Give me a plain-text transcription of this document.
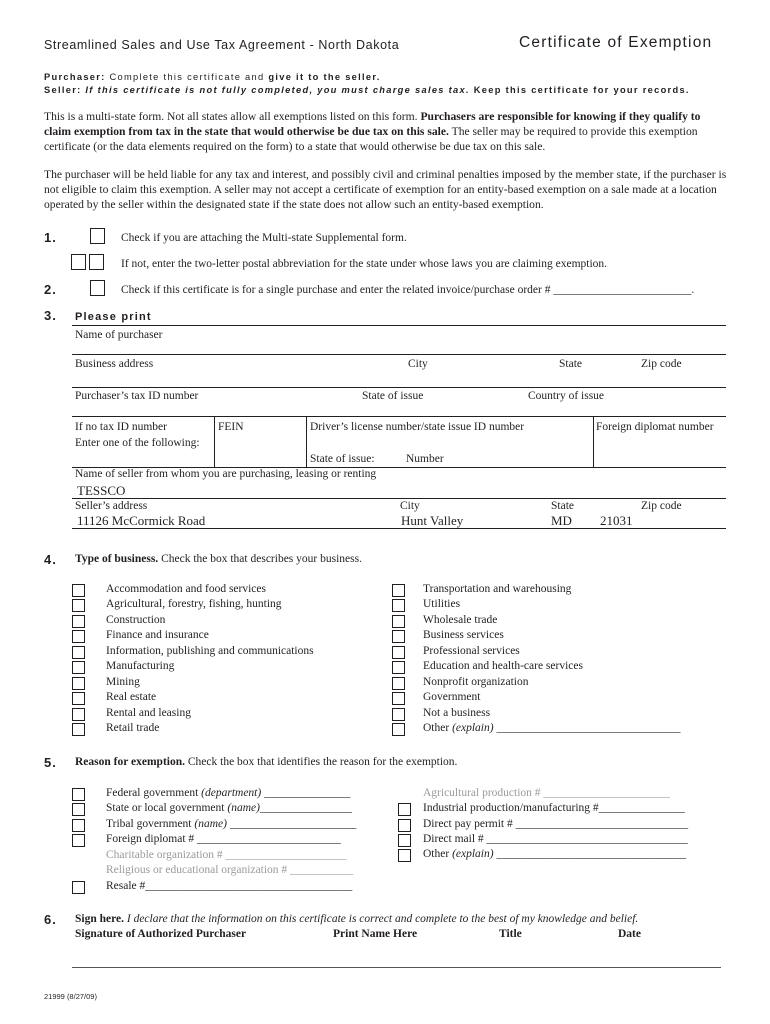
Streamlined Sales and Use Tax Agreement - North Dakota	Certificate of Exemption
Purchaser: Complete this certificate and give it to the seller.
Seller: If this certificate is not fully completed, you must charge sales tax. Keep this certificate for your records.
This is a multi-state form. Not all states allow all exemptions listed on this form. Purchasers are responsible for knowing if they qualify to claim exemption from tax in the state that would otherwise be due tax on this sale. The seller may be required to provide this exemption certificate (or the data elements required on the form) to a state that would otherwise be due tax on this sale.
The purchaser will be held liable for any tax and interest, and possibly civil and criminal penalties imposed by the member state, if the purchaser is not eligible to claim this exemption. A seller may not accept a certificate of exemption for an entity-based exemption on a sale made at a location operated by the seller within the designated state if the state does not allow such an entity-based exemption.
1.	Check if you are attaching the Multi-state Supplemental form.
If not, enter the two-letter postal abbreviation for the state under whose laws you are claiming exemption.
2.	Check if this certificate is for a single purchase and enter the related invoice/purchase order # ________________________.
3. Please print
Name of purchaser
Business address	City	State	Zip code
Purchaser’s tax ID number	State of issue	Country of issue
If no tax ID number
Enter one of the following:
FEIN	Driver’s license number/state issue ID number	Foreign diplomat number
State of issue:	Number
Name of seller from whom you are purchasing, leasing or renting
TESSCO
Seller’s address	City	State	Zip code
11126 McCormick Road	Hunt Valley	MD 21031
4. Type of business. Check the box that describes your business.
Accommodation and food services
Agricultural, forestry, fishing, hunting
Construction
Finance and insurance
Information, publishing and communications
Manufacturing
Mining
Real estate
Rental and leasing
Retail trade
Transportation and warehousing
Utilities
Wholesale trade
Business services
Professional services
Education and health-care services
Nonprofit organization
Government
Not a business
Other (explain) ________________________________
5. Reason for exemption. Check the box that identifies the reason for the exemption.
Federal government (department) _______________
State or local government (name)________________
Tribal government (name) ______________________
Foreign diplomat # _________________________
Charitable organization # _____________________
Religious or educational organization # ___________
Resale #____________________________________
Agricultural production # ______________________
Industrial production/manufacturing #_______________
Direct pay permit # ______________________________
Direct mail # ___________________________________
Other (explain) _________________________________
6. Sign here. I declare that the information on this certificate is correct and complete to the best of my knowledge and belief.
Signature of Authorized Purchaser	Print Name Here	Title	Date
21999 (8/27/09)
